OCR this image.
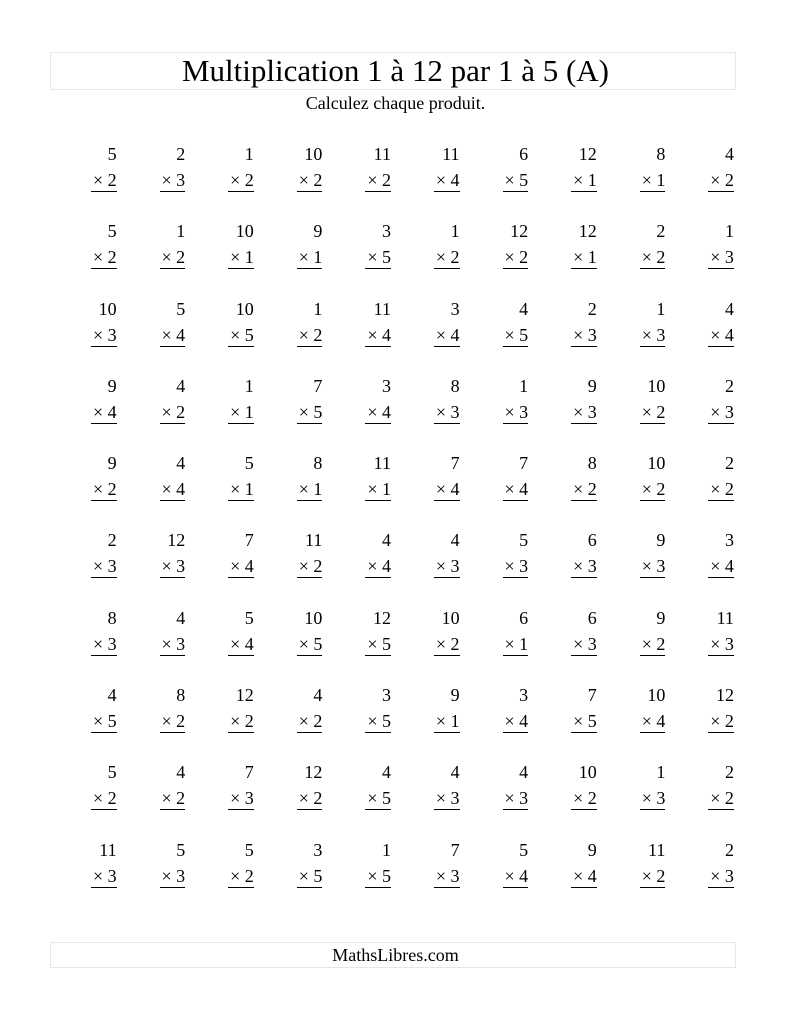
Multiplication 1 à 12 par 1 à 5 (A)
Calculez chaque produit.
5
× 2
2
× 3
1
× 2
10
× 2
11
× 2
11
× 4
6
× 5
12
× 1
8
× 1
4
× 2
5
× 2
1
× 2
10
× 1
9
× 1
3
× 5
1
× 2
12
× 2
12
× 1
2
× 2
1
× 3
10
× 3
5
× 4
10
× 5
1
× 2
11
× 4
3
× 4
4
× 5
2
× 3
1
× 3
4
× 4
9
× 4
4
× 2
1
× 1
7
× 5
3
× 4
8
× 3
1
× 3
9
× 3
10
× 2
2
× 3
9
× 2
4
× 4
5
× 1
8
× 1
11
× 1
7
× 4
7
× 4
8
× 2
10
× 2
2
× 2
2
× 3
12
× 3
7
× 4
11
× 2
4
× 4
4
× 3
5
× 3
6
× 3
9
× 3
3
× 4
8
× 3
4
× 3
5
× 4
10
× 5
12
× 5
10
× 2
6
× 1
6
× 3
9
× 2
11
× 3
4
× 5
8
× 2
12
× 2
4
× 2
3
× 5
9
× 1
3
× 4
7
× 5
10
× 4
12
× 2
5
× 2
4
× 2
7
× 3
12
× 2
4
× 5
4
× 3
4
× 3
10
× 2
1
× 3
2
× 2
11
× 3
5
× 3
5
× 2
3
× 5
1
× 5
7
× 3
5
× 4
9
× 4
11
× 2
2
× 3
MathsLibres.com
